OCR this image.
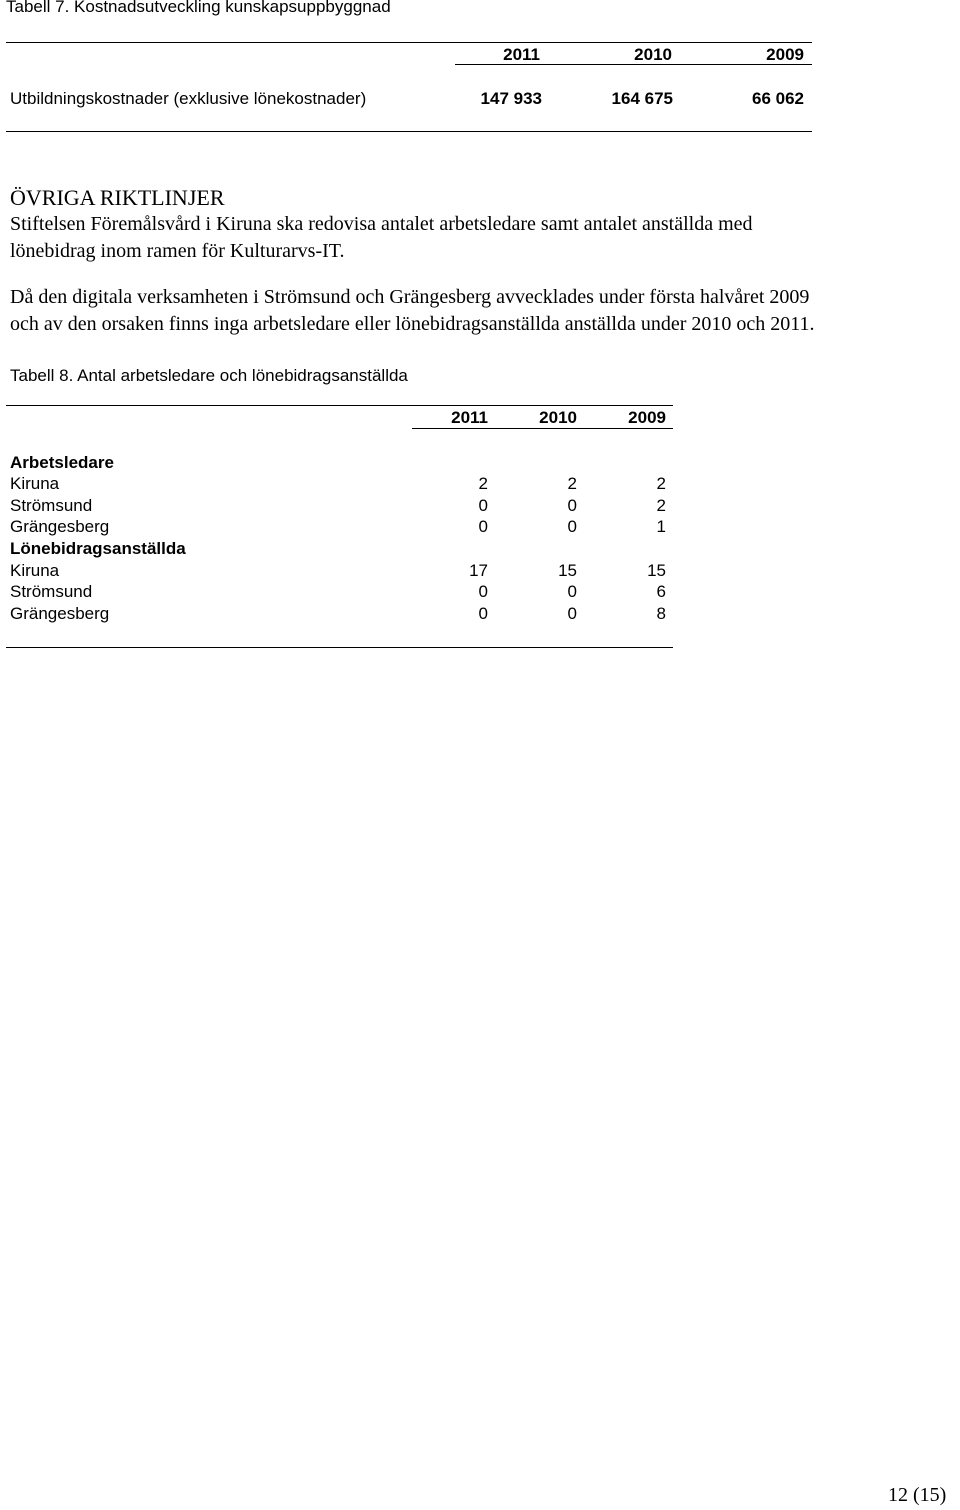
Tabell 7. Kostnadsutveckling kunskapsuppbyggnad
2011	2010	2009
Utbildningskostnader (exklusive lönekostnader)	147 933	164 675	66 062
ÖVRIGA RIKTLINJER
Stiftelsen Föremålsvård i Kiruna ska redovisa antalet arbetsledare samt antalet anställda med
lönebidrag inom ramen för Kulturarvs-IT.
Då den digitala verksamheten i Strömsund och Grängesberg avvecklades under första halvåret 2009
och av den orsaken finns inga arbetsledare eller lönebidragsanställda anställda under 2010 och 2011.
Tabell 8. Antal arbetsledare och lönebidragsanställda
2011	2010	2009
Arbetsledare
Kiruna	2	2	2
Strömsund	0	0	2
Grängesberg	0	0	1
Lönebidragsanställda
Kiruna	17	15	15
Strömsund	0	0	6
Grängesberg	0	0	8
12 (15)
